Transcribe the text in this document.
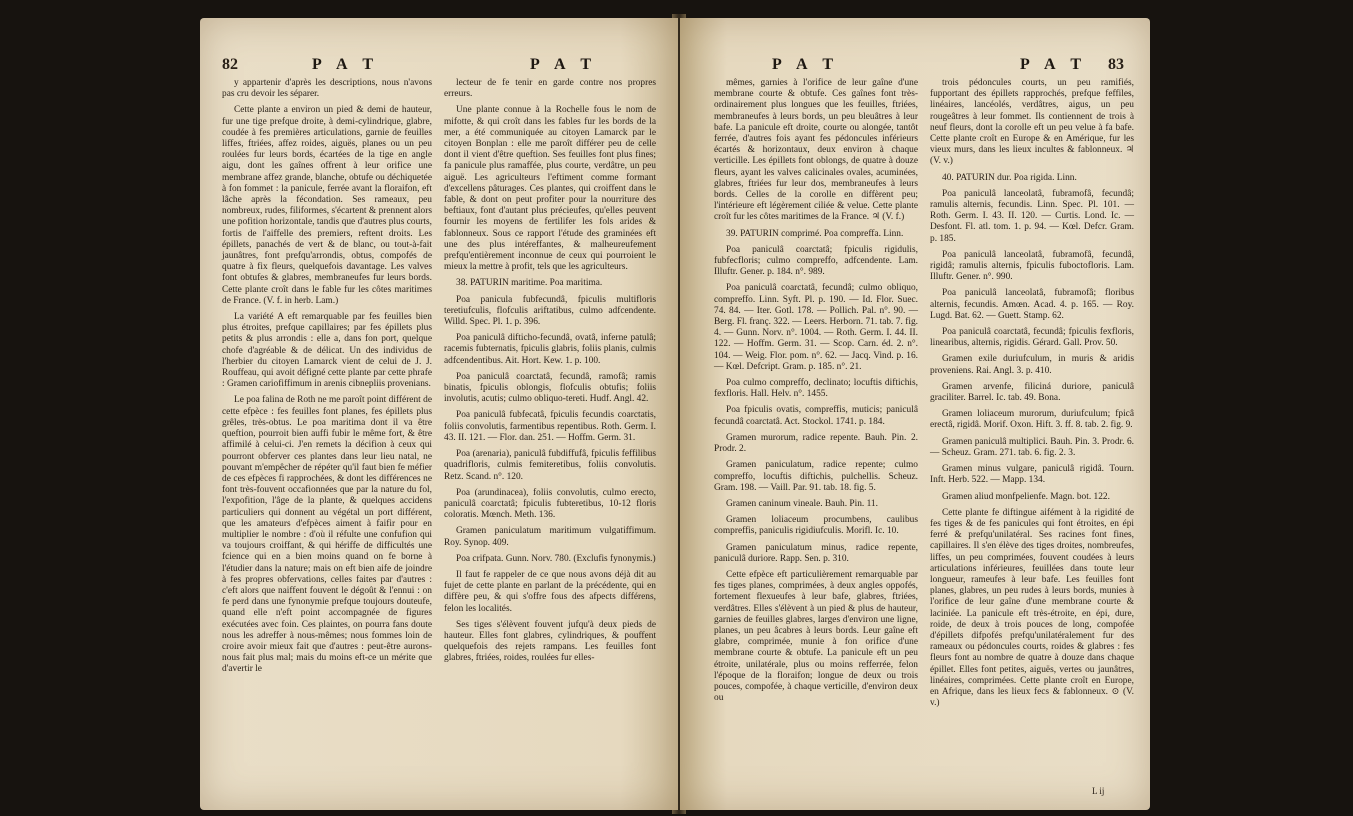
82	P A T	P A T

y appartenir d'après les descriptions, nous n'avons pas cru devoir les séparer.

Cette plante a environ un pied & demi de hauteur, fur une tige prefque droite, à demi-cylindrique, glabre, coudée à fes premières articulations, garnie de feuilles liffes, ftriées, affez roides, aiguës, planes ou un peu roulées fur leurs bords, écartées de la tige en angle aigu, dont les gaînes offrent à leur orifice une membrane affez grande, blanche, obtufe ou déchiquetée à fon fommet : la panicule, ferrée avant la floraifon, eft lâche après la fécondation. Ses rameaux, peu nombreux, rudes, filiformes, s'écartent & prennent alors une pofition horizontale, tandis que d'autres plus courts, fortis de l'aiffelle des premiers, reftent droits. Les épillets, panachés de vert & de blanc, ou tout-à-fait jaunâtres, font prefqu'arrondis, obtus, compofés de quatre à fix fleurs, quelquefois davantage. Les valves font obtufes & glabres, membraneufes fur leurs bords. Cette plante croît dans le fable fur les côtes maritimes de France. (V. f. in herb. Lam.)

La variété A eft remarquable par fes feuilles bien plus étroites, prefque capillaires; par fes épillets plus petits & plus arrondis : elle a, dans fon port, quelque chofe d'agréable & de délicat. Un des individus de l'herbier du citoyen Lamarck vient de celui de J. J. Rouffeau, qui avoit défigné cette plante par cette phrafe : Gramen cariofiffimum in arenis cibnepliis provenians.

Le poa falina de Roth ne me paroît point différent de cette efpèce : fes feuilles font planes, fes épillets plus grêles, très-obtus. Le poa maritima dont il va être queftion, pourroit bien auffi fubir le même fort, & être affimilé à celui-ci. J'en remets la décifion à ceux qui pourront obferver ces plantes dans leur lieu natal, ne pouvant m'empêcher de répéter qu'il faut bien fe méfier de ces efpèces fi rapprochées, & dont les différences ne font très-fouvent occafionnées que par la nature du fol, l'expofition, l'âge de la plante, & quelques accidens particuliers qui donnent au végétal un port différent, que les amateurs d'efpèces aiment à faifir pour en multiplier le nombre : d'où il réfulte une confufion qui va toujours croiffant, & qui hériffe de difficultés une fcience qui en a bien moins quand on fe borne à l'étudier dans la nature; mais on eft bien aife de joindre à fes propres obfervations, celles faites par d'autres : c'eft alors que naiffent fouvent le dégoût & l'ennui : on fe perd dans une fynonymie prefque toujours douteufe, quand elle n'eft point accompagnée de figures exécutées avec foin. Ces plaintes, on pourra fans doute nous les adreffer à nous-mêmes; nous fommes loin de croire avoir mieux fait que d'autres : peut-être aurons-nous fait plus mal; mais du moins eft-ce un mérite que d'avertir le

lecteur de fe tenir en garde contre nos propres erreurs.

Une plante connue à la Rochelle fous le nom de mifotte, & qui croît dans les fables fur les bords de la mer, a été communiquée au citoyen Lamarck par le citoyen Bonplan : elle me paroît différer peu de celle dont il vient d'être queftion. Ses feuilles font plus fines; fa panicule plus ramaffée, plus courte, verdâtre, un peu aiguë. Les agriculteurs l'eftiment comme formant d'excellens pâturages. Ces plantes, qui croiffent dans le fable, & dont on peut profiter pour la nourriture des beftiaux, font d'autant plus précieufes, qu'elles peuvent fournir les moyens de fertilifer les fols arides & fablonneux. Sous ce rapport l'étude des graminées eft une des plus intéreffantes, & malheureufement prefqu'entièrement inconnue de ceux qui pourroient le mieux la mettre à profit, tels que les agriculteurs.

38. PATURIN maritime. Poa maritima.

Poa panicula fubfecundâ, fpiculis multifloris teretiufculis, flofculis ariftatibus, culmo adfcendente. Willd. Spec. Pl. 1. p. 396.

Poa paniculâ difticho-fecundâ, ovatâ, inferne patulâ; racemis fubternatis, fpiculis glabris, foliis planis, culmis adfcendentibus. Ait. Hort. Kew. 1. p. 100.

Poa paniculâ coarctatâ, fecundâ, ramofâ; ramis binatis, fpiculis oblongis, flofculis obtufis; foliis involutis, acutis; culmo obliquo-tereti. Hudf. Angl. 42.

Poa paniculâ fubfecatâ, fpiculis fecundis coarctatis, foliis convolutis, farmentibus repentibus. Roth. Germ. I. 43. II. 121. — Flor. dan. 251. — Hoffm. Germ. 31.

Poa (arenaria), paniculâ fubdiffufâ, fpiculis feffilibus quadrifloris, culmis femiteretibus, foliis convolutis. Retz. Scand. n°. 120.

Poa (arundinacea), foliis convolutis, culmo erecto, paniculâ coarctatâ; fpiculis fubteretibus, 10-12 floris coloratis. Mœnch. Meth. 136.

Gramen paniculatum maritimum vulgatiffimum. Roy. Synop. 409.

Poa crifpata. Gunn. Norv. 780. (Exclufis fynonymis.)

Il faut fe rappeler de ce que nous avons déjà dit au fujet de cette plante en parlant de la précédente, qui en diffère peu, & qui s'offre fous des afpects différens, felon les localités.

Ses tiges s'élèvent fouvent jufqu'à deux pieds de hauteur. Elles font glabres, cylindriques, & pouffent quelquefois des rejets rampans. Les feuilles font glabres, ftriées, roides, roulées fur elles-

P A T	P A T 83

mêmes, garnies à l'orifice de leur gaîne d'une membrane courte & obtufe. Ces gaînes font très-ordinairement plus longues que les feuilles, ftriées, membraneufes à leurs bords, un peu bleuâtres à leur bafe. La panicule eft droite, courte ou alongée, tantôt ferrée, d'autres fois ayant fes pédoncules inférieurs écartés & horizontaux, deux environ à chaque verticille. Les épillets font oblongs, de quatre à douze fleurs, ayant les valves calicinales ovales, acuminées, glabres, ftriées fur leur dos, membraneufes à leurs bords. Celles de la corolle en diffèrent peu; l'intérieure eft légèrement ciliée & velue. Cette plante croît fur les côtes maritimes de la France. ♃ (V. f.)

39. PATURIN comprimé. Poa compreffa. Linn.

Poa paniculâ coarctatâ; fpiculis rigidulis, fubfecfloris; culmo compreffo, adfcendente. Lam. Illuftr. Gener. p. 184. n°. 989.

Poa paniculâ coarctatâ, fecundâ; culmo obliquo, compreffo. Linn. Syft. Pl. p. 190. — Id. Flor. Suec. 74. 84. — Iter. Gotl. 178. — Pollich. Pal. n°. 90. — Berg. Fl. franç. 322. — Leers. Herborn. 71. tab. 7. fig. 4. — Gunn. Norv. n°. 1004. — Roth. Germ. I. 44. II. 122. — Hoffm. Germ. 31. — Scop. Carn. éd. 2. n°. 104. — Weig. Flor. pom. n°. 62. — Jacq. Vind. p. 16. — Kœl. Defcript. Gram. p. 185. n°. 21.

Poa culmo compreffo, declinato; locuftis diftichis, fexfloris. Hall. Helv. n°. 1455.

Poa fpiculis ovatis, compreffis, muticis; paniculâ fecundâ coarctatâ. Act. Stockol. 1741. p. 184.

Gramen murorum, radice repente. Bauh. Pin. 2. Prodr. 2.

Gramen paniculatum, radice repente; culmo compreffo, locuftis diftichis, pulchellis. Scheuz. Gram. 198. — Vaill. Par. 91. tab. 18. fig. 5.

Gramen caninum vineale. Bauh. Pin. 11.

Gramen loliaceum procumbens, caulibus compreffis, paniculis rigidiufculis. Morifl. Ic. 10.

Gramen paniculatum minus, radice repente, paniculâ duriore. Rapp. Sen. p. 310.

Cette efpèce eft particulièrement remarquable par fes tiges planes, comprimées, à deux angles oppofés, fortement flexueufes à leur bafe, glabres, ftriées, verdâtres. Elles s'élèvent à un pied & plus de hauteur, garnies de feuilles glabres, larges d'environ une ligne, planes, un peu âcabres à leurs bords. Leur gaîne eft glabre, comprimée, munie à fon orifice d'une membrane courte & obtufe. La panicule eft un peu étroite, unilatérale, plus ou moins refferrée, felon l'époque de la floraifon; longue de deux ou trois pouces, compofée, à chaque verticille, d'environ deux ou

trois pédoncules courts, un peu ramifiés, fupportant des épillets rapprochés, prefque feffiles, linéaires, lancéolés, verdâtres, aigus, un peu rougeâtres à leur fommet. Ils contiennent de trois à neuf fleurs, dont la corolle eft un peu velue à fa bafe. Cette plante croît en Europe & en Amérique, fur les vieux murs, dans les lieux incultes & fablonneux. ♃ (V. v.)

40. PATURIN dur. Poa rigida. Linn.

Poa paniculâ lanceolatâ, fubramofâ, fecundâ; ramulis alternis, fecundis. Linn. Spec. Pl. 101. — Roth. Germ. I. 43. II. 120. — Curtis. Lond. Ic. — Desfont. Fl. atl. tom. 1. p. 94. — Kœl. Defcr. Gram. p. 185.

Poa paniculâ lanceolatâ, fubramofâ, fecundâ, rigidâ; ramulis alternis, fpiculis fuboctofloris. Lam. Illuftr. Gener. n°. 990.

Poa paniculâ lanceolatâ, fubramofâ; floribus alternis, fecundis. Amœn. Acad. 4. p. 165. — Roy. Lugd. Bat. 62. — Guett. Stamp. 62.

Poa paniculâ coarctatâ, fecundâ; fpiculis fexfloris, linearibus, alternis, rigidis. Gérard. Gall. Prov. 50.

Gramen exile duriufculum, in muris & aridis proveniens. Rai. Angl. 3. p. 410.

Gramen arvenfe, filiciná duriore, paniculâ graciliter. Barrel. Ic. tab. 49. Bona.

Gramen loliaceum murorum, duriufculum; fpicâ erectâ, rigidâ. Morif. Oxon. Hift. 3. ff. 8. tab. 2. fig. 9.

Gramen paniculâ multiplici. Bauh. Pin. 3. Prodr. 6. — Scheuz. Gram. 271. tab. 6. fig. 2. 3.

Gramen minus vulgare, paniculâ rigidâ. Tourn. Inft. Herb. 522. — Mapp. 134.

Gramen aliud monfpelienfe. Magn. bot. 122.

Cette plante fe diftingue aifément à la rigidité de fes tiges & de fes panicules qui font étroites, en épi ferré & prefqu'unilatéral. Ses racines font fines, capillaires. Il s'en élève des tiges droites, nombreufes, liffes, un peu comprimées, fouvent coudées à leurs articulations inférieures, feuillées dans toute leur longueur, rameufes à leur bafe. Les feuilles font planes, glabres, un peu rudes à leurs bords, munies à l'orifice de leur gaîne d'une membrane courte & laciniée. La panicule eft très-étroite, en épi, dure, roide, de deux à trois pouces de long, compofée d'épillets difpofés prefqu'unilatéralement fur des rameaux ou pédoncules courts, roides & glabres : fes fleurs font au nombre de quatre à douze dans chaque épillet. Elles font petites, aiguës, vertes ou jaunâtres, linéaires, comprimées. Cette plante croît en Europe, en Afrique, dans les lieux fecs & fablonneux. ⊙ (V. v.)

L ij
